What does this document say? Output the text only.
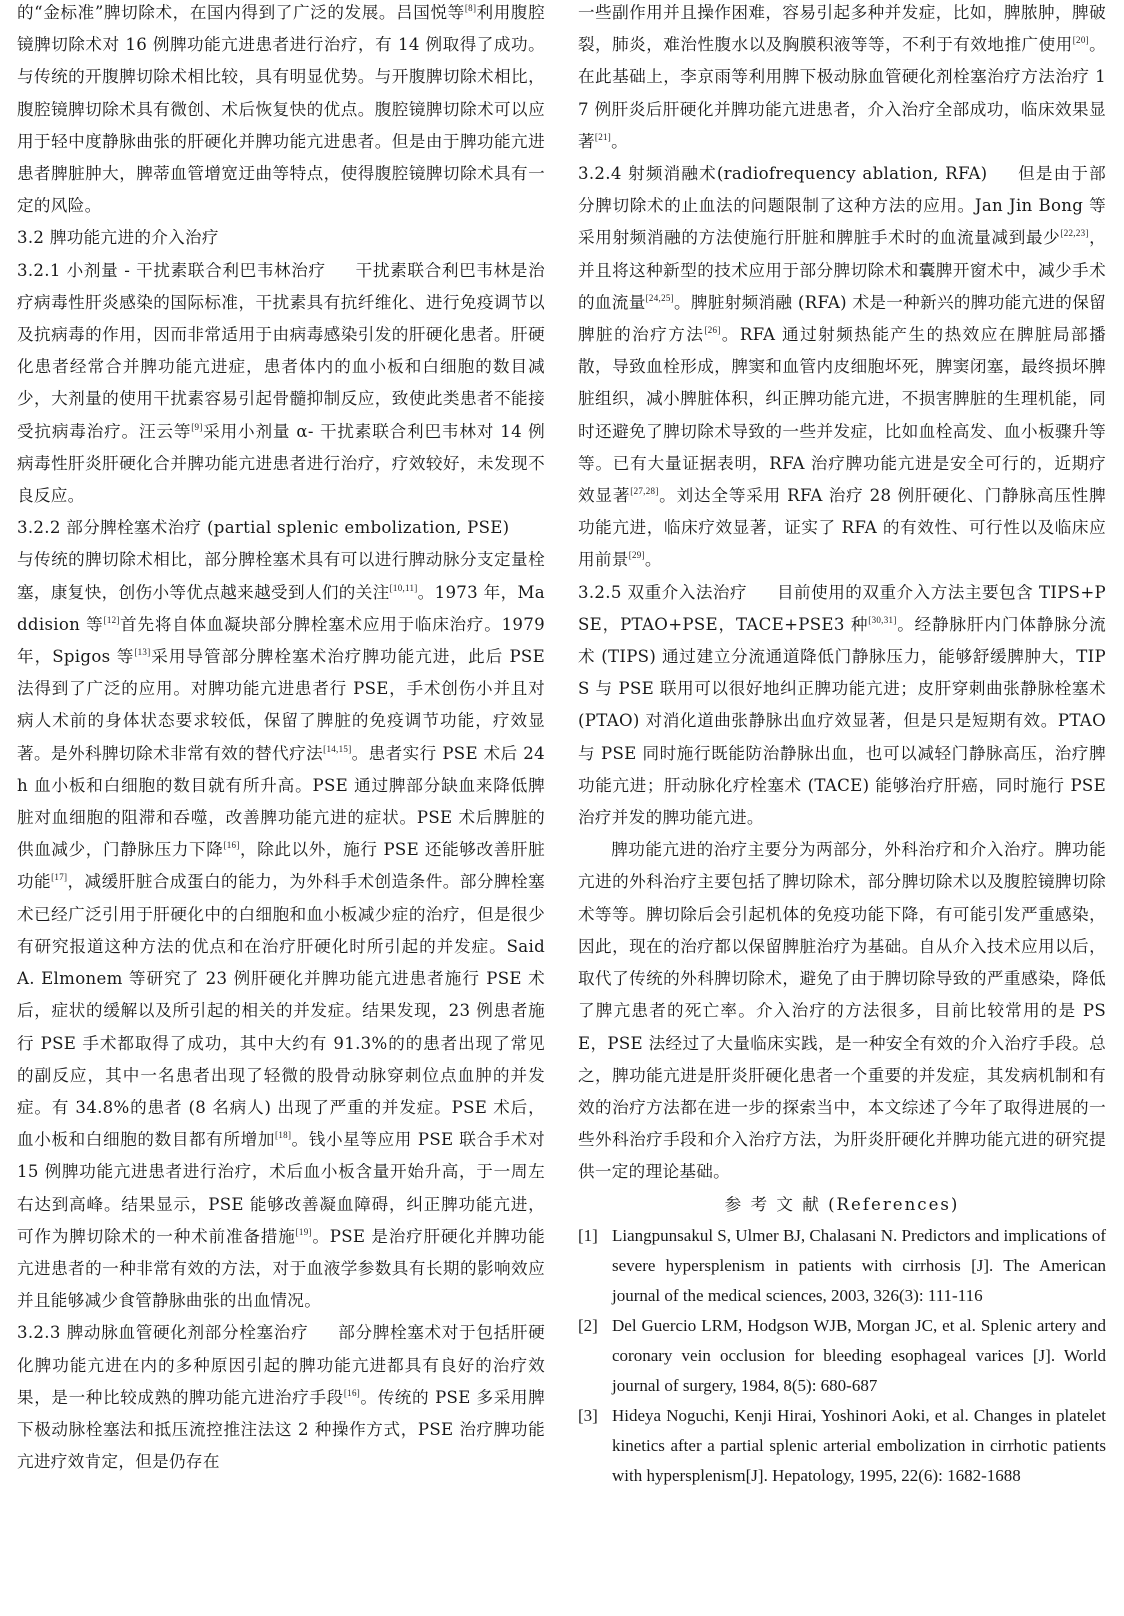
的“金标准”脾切除术，在国内得到了广泛的发展。吕国悦等[8]利用腹腔镜脾切除术对 16 例脾功能亢进患者进行治疗，有 14 例取得了成功。与传统的开腹脾切除术相比较，具有明显优势。与开腹脾切除术相比，腹腔镜脾切除术具有微创、术后恢复快的优点。腹腔镜脾切除术可以应用于轻中度静脉曲张的肝硬化并脾功能亢进患者。但是由于脾功能亢进患者脾脏肿大，脾蒂血管增宽迂曲等特点，使得腹腔镜脾切除术具有一定的风险。

3.2 脾功能亢进的介入治疗

3.2.1 小剂量 - 干扰素联合利巴韦林治疗 干扰素联合利巴韦林是治疗病毒性肝炎感染的国际标准，干扰素具有抗纤维化、进行免疫调节以及抗病毒的作用，因而非常适用于由病毒感染引发的肝硬化患者。肝硬化患者经常合并脾功能亢进症，患者体内的血小板和白细胞的数目减少，大剂量的使用干扰素容易引起骨髓抑制反应，致使此类患者不能接受抗病毒治疗。汪云等[9]采用小剂量 α- 干扰素联合利巴韦林对 14 例病毒性肝炎肝硬化合并脾功能亢进患者进行治疗，疗效较好，未发现不良反应。

3.2.2 部分脾栓塞术治疗 (partial splenic embolization, PSE)
与传统的脾切除术相比，部分脾栓塞术具有可以进行脾动脉分支定量栓塞，康复快，创伤小等优点越来越受到人们的关注[10,11]。1973 年，Maddision 等[12]首先将自体血凝块部分脾栓塞术应用于临床治疗。1979 年，Spigos 等[13]采用导管部分脾栓塞术治疗脾功能亢进，此后 PSE 法得到了广泛的应用。对脾功能亢进患者行 PSE，手术创伤小并且对病人术前的身体状态要求较低，保留了脾脏的免疫调节功能，疗效显著。是外科脾切除术非常有效的替代疗法[14,15]。患者实行 PSE 术后 24 h 血小板和白细胞的数目就有所升高。PSE 通过脾部分缺血来降低脾脏对血细胞的阻滞和吞噬，改善脾功能亢进的症状。PSE 术后脾脏的供血减少，门静脉压力下降[16]，除此以外，施行 PSE 还能够改善肝脏功能[17]，减缓肝脏合成蛋白的能力，为外科手术创造条件。部分脾栓塞术已经广泛引用于肝硬化中的白细胞和血小板减少症的治疗，但是很少有研究报道这种方法的优点和在治疗肝硬化时所引起的并发症。Said A. Elmonem 等研究了 23 例肝硬化并脾功能亢进患者施行 PSE 术后，症状的缓解以及所引起的相关的并发症。结果发现，23 例患者施行 PSE 手术都取得了成功，其中大约有 91.3%的的患者出现了常见的副反应，其中一名患者出现了轻微的股骨动脉穿刺位点血肿的并发症。有 34.8%的患者 (8 名病人) 出现了严重的并发症。PSE 术后，血小板和白细胞的数目都有所增加[18]。钱小星等应用 PSE 联合手术对 15 例脾功能亢进患者进行治疗，术后血小板含量开始升高，于一周左右达到高峰。结果显示，PSE 能够改善凝血障碍，纠正脾功能亢进，可作为脾切除术的一种术前准备措施[19]。PSE 是治疗肝硬化并脾功能亢进患者的一种非常有效的方法，对于血液学参数具有长期的影响效应并且能够减少食管静脉曲张的出血情况。

3.2.3 脾动脉血管硬化剂部分栓塞治疗 部分脾栓塞术对于包括肝硬化脾功能亢进在内的多种原因引起的脾功能亢进都具有良好的治疗效果，是一种比较成熟的脾功能亢进治疗手段[16]。传统的 PSE 多采用脾下极动脉栓塞法和抵压流控推注法这 2 种操作方式，PSE 治疗脾功能亢进疗效肯定，但是仍存在

一些副作用并且操作困难，容易引起多种并发症，比如，脾脓肿，脾破裂，肺炎，难治性腹水以及胸膜积液等等，不利于有效地推广使用[20]。在此基础上，李京雨等利用脾下极动脉血管硬化剂栓塞治疗方法治疗 17 例肝炎后肝硬化并脾功能亢进患者，介入治疗全部成功，临床效果显著[21]。

3.2.4 射频消融术(radiofrequency ablation, RFA) 但是由于部分脾切除术的止血法的问题限制了这种方法的应用。Jan Jin Bong 等采用射频消融的方法使施行肝脏和脾脏手术时的血流量减到最少[22,23]，并且将这种新型的技术应用于部分脾切除术和囊脾开窗术中，减少手术的血流量[24,25]。脾脏射频消融 (RFA) 术是一种新兴的脾功能亢进的保留脾脏的治疗方法[26]。RFA 通过射频热能产生的热效应在脾脏局部播散，导致血栓形成，脾窦和血管内皮细胞坏死，脾窦闭塞，最终损坏脾脏组织，减小脾脏体积，纠正脾功能亢进，不损害脾脏的生理机能，同时还避免了脾切除术导致的一些并发症，比如血栓高发、血小板骤升等等。已有大量证据表明，RFA 治疗脾功能亢进是安全可行的，近期疗效显著[27,28]。刘达全等采用 RFA 治疗 28 例肝硬化、门静脉高压性脾功能亢进，临床疗效显著，证实了 RFA 的有效性、可行性以及临床应用前景[29]。

3.2.5 双重介入法治疗 目前使用的双重介入方法主要包含 TIPS+PSE，PTAO+PSE，TACE+PSE3 种[30,31]。经静脉肝内门体静脉分流术 (TIPS) 通过建立分流通道降低门静脉压力，能够舒缓脾肿大，TIPS 与 PSE 联用可以很好地纠正脾功能亢进；皮肝穿刺曲张静脉栓塞术 (PTAO) 对消化道曲张静脉出血疗效显著，但是只是短期有效。PTAO 与 PSE 同时施行既能防治静脉出血，也可以减轻门静脉高压，治疗脾功能亢进；肝动脉化疗栓塞术 (TACE) 能够治疗肝癌，同时施行 PSE 治疗并发的脾功能亢进。

脾功能亢进的治疗主要分为两部分，外科治疗和介入治疗。脾功能亢进的外科治疗主要包括了脾切除术，部分脾切除术以及腹腔镜脾切除术等等。脾切除后会引起机体的免疫功能下降，有可能引发严重感染，因此，现在的治疗都以保留脾脏治疗为基础。自从介入技术应用以后，取代了传统的外科脾切除术，避免了由于脾切除导致的严重感染，降低了脾亢患者的死亡率。介入治疗的方法很多，目前比较常用的是 PSE，PSE 法经过了大量临床实践，是一种安全有效的介入治疗手段。总之，脾功能亢进是肝炎肝硬化患者一个重要的并发症，其发病机制和有效的治疗方法都在进一步的探索当中，本文综述了今年了取得进展的一些外科治疗手段和介入治疗方法，为肝炎肝硬化并脾功能亢进的研究提供一定的理论基础。

参 考 文 献 (References)

[1] Liangpunsakul S, Ulmer BJ, Chalasani N. Predictors and implications of severe hypersplenism in patients with cirrhosis [J]. The American journal of the medical sciences, 2003, 326(3): 111-116
[2] Del Guercio LRM, Hodgson WJB, Morgan JC, et al. Splenic artery and coronary vein occlusion for bleeding esophageal varices [J]. World journal of surgery, 1984, 8(5): 680-687
[3] Hideya Noguchi, Kenji Hirai, Yoshinori Aoki, et al. Changes in platelet kinetics after a partial splenic arterial embolization in cirrhotic patients with hypersplenism[J]. Hepatology, 1995, 22(6): 1682-1688
